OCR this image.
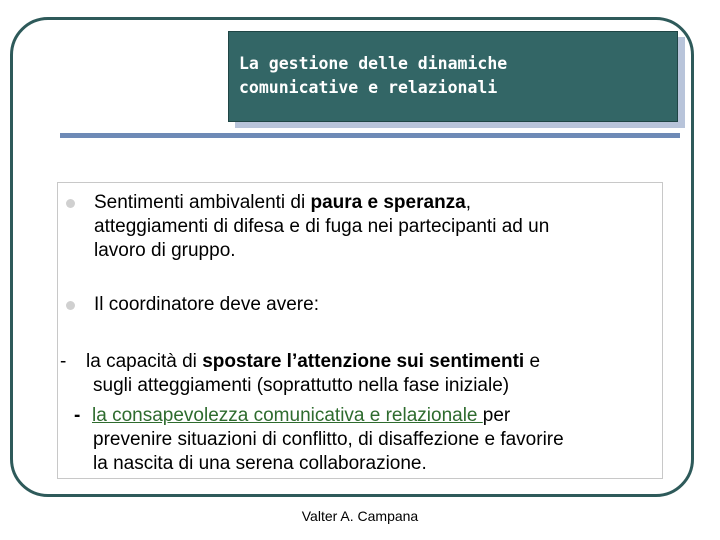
La gestione delle dinamiche
comunicative e relazionali
Sentimenti ambivalenti di paura e speranza,
atteggiamenti di difesa e di fuga nei partecipanti ad un
lavoro di gruppo.
Il coordinatore deve avere:
- la capacità di spostare l’attenzione sui sentimenti e
sugli atteggiamenti (soprattutto nella fase iniziale)
- la consapevolezza comunicativa e relazionale per
prevenire situazioni di conflitto, di disaffezione e favorire
la nascita di una serena collaborazione.
Valter A. Campana
